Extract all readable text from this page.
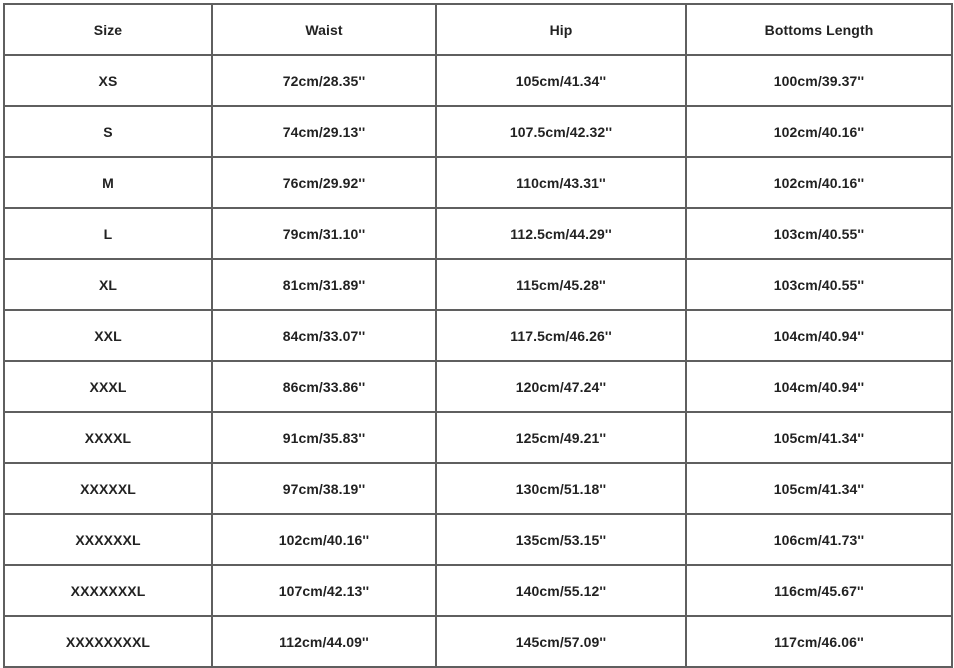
Size	Waist	Hip	Bottoms Length
XS	72cm/28.35''	105cm/41.34''	100cm/39.37''
S	74cm/29.13''	107.5cm/42.32''	102cm/40.16''
M	76cm/29.92''	110cm/43.31''	102cm/40.16''
L	79cm/31.10''	112.5cm/44.29''	103cm/40.55''
XL	81cm/31.89''	115cm/45.28''	103cm/40.55''
XXL	84cm/33.07''	117.5cm/46.26''	104cm/40.94''
XXXL	86cm/33.86''	120cm/47.24''	104cm/40.94''
XXXXL	91cm/35.83''	125cm/49.21''	105cm/41.34''
XXXXXL	97cm/38.19''	130cm/51.18''	105cm/41.34''
XXXXXXL	102cm/40.16''	135cm/53.15''	106cm/41.73''
XXXXXXXL	107cm/42.13''	140cm/55.12''	116cm/45.67''
XXXXXXXXL	112cm/44.09''	145cm/57.09''	117cm/46.06''
